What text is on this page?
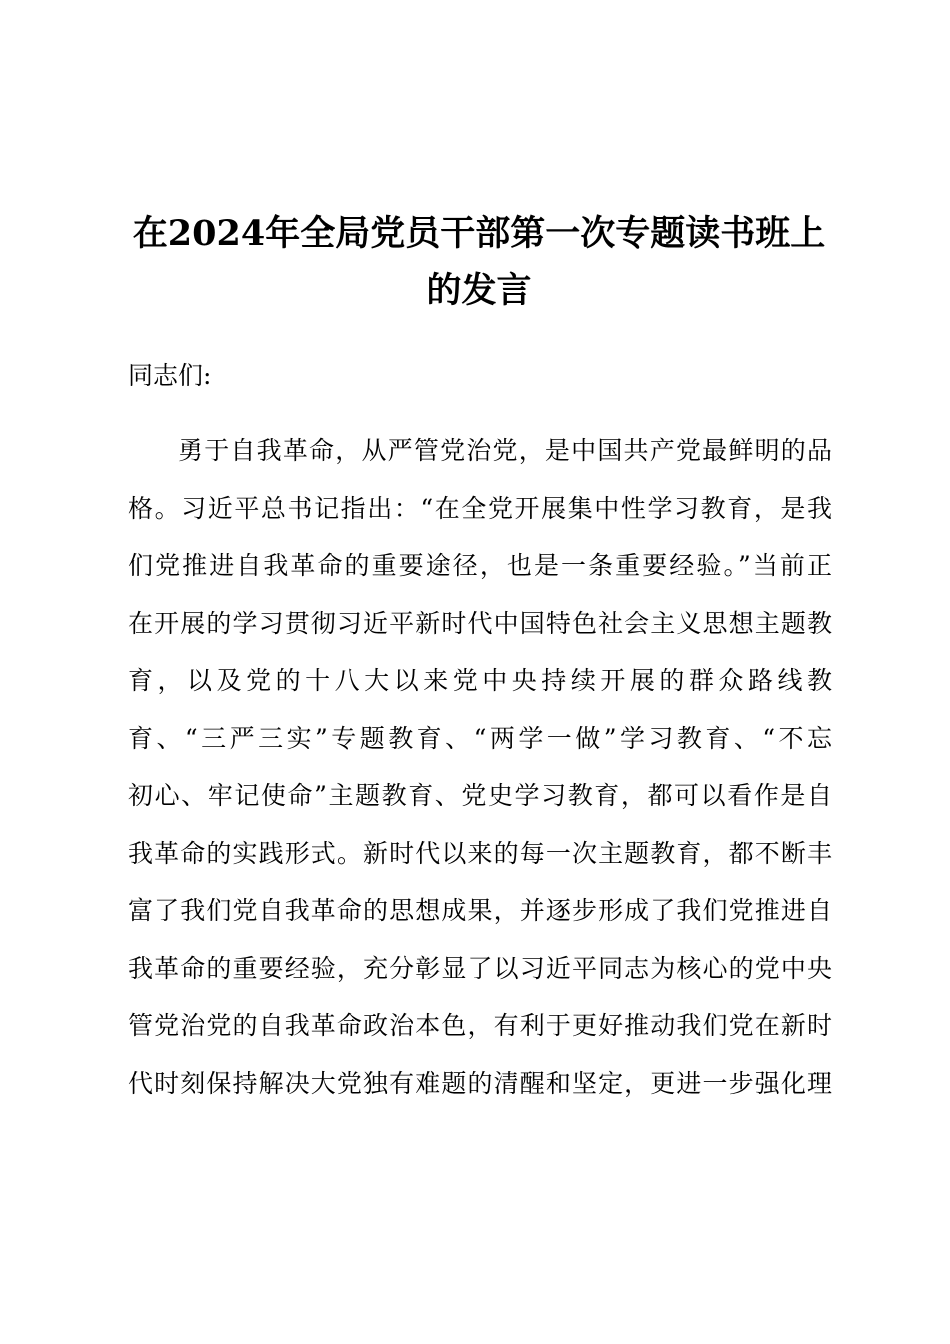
在2024年全局党员干部第一次专题读书班上
的发言

同志们:

勇于自我革命，从严管党治党，是中国共产党最鲜明的品
格。习近平总书记指出：“在全党开展集中性学习教育，是我
们党推进自我革命的重要途径，也是一条重要经验。”当前正
在开展的学习贯彻习近平新时代中国特色社会主义思想主题教
育，以及党的十八大以来党中央持续开展的群众路线教
育、“三严三实”专题教育、“两学一做”学习教育、“不忘
初心、牢记使命”主题教育、党史学习教育，都可以看作是自
我革命的实践形式。新时代以来的每一次主题教育，都不断丰
富了我们党自我革命的思想成果，并逐步形成了我们党推进自
我革命的重要经验，充分彰显了以习近平同志为核心的党中央
管党治党的自我革命政治本色，有利于更好推动我们党在新时
代时刻保持解决大党独有难题的清醒和坚定，更进一步强化理
